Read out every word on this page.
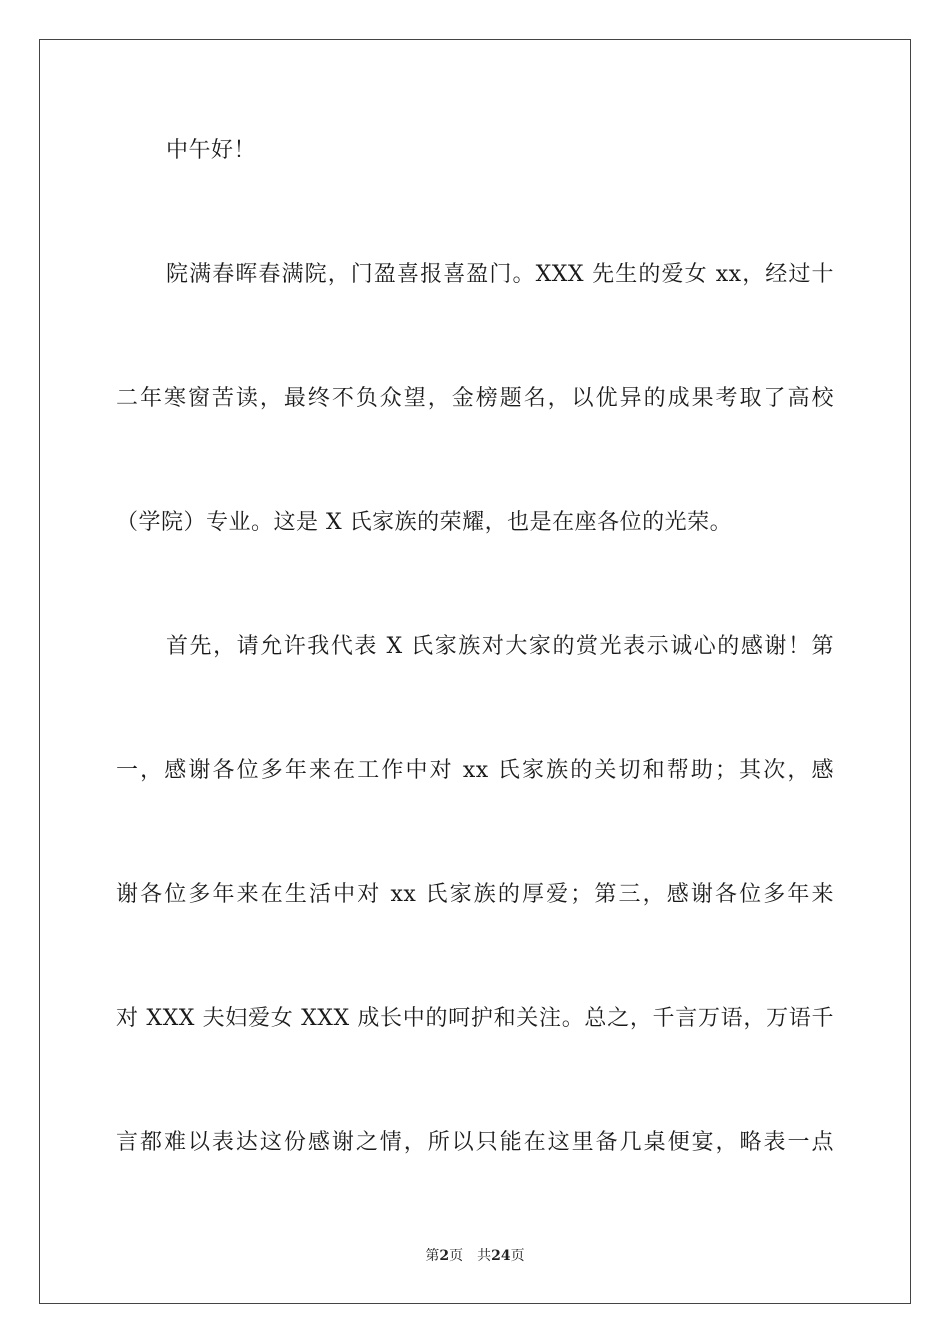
中午好！
院满春晖春满院，门盈喜报喜盈门。XXX 先生的爱女 xx，经过十
二年寒窗苦读，最终不负众望，金榜题名，以优异的成果考取了高校
（学院）专业。这是 X 氏家族的荣耀，也是在座各位的光荣。
首先，请允许我代表 X 氏家族对大家的赏光表示诚心的感谢！第
一，感谢各位多年来在工作中对 xx 氏家族的关切和帮助；其次，感
谢各位多年来在生活中对 xx 氏家族的厚爱；第三，感谢各位多年来
对 XXX 夫妇爱女 XXX 成长中的呵护和关注。总之，千言万语，万语千
言都难以表达这份感谢之情，所以只能在这里备几桌便宴，略表一点
第2页 共24页
